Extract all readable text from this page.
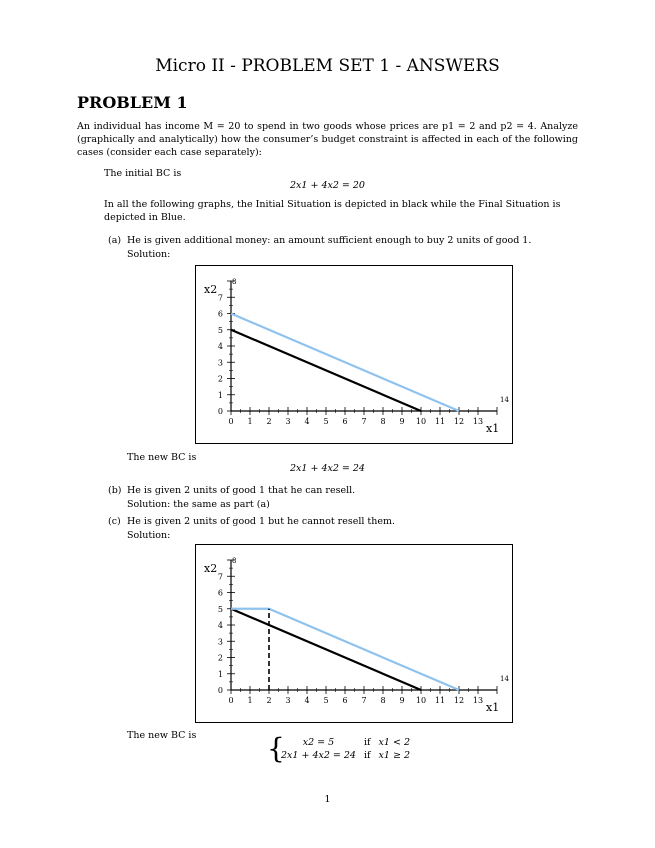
Micro II - PROBLEM SET 1 - ANSWERS
PROBLEM 1
An individual has income M = 20 to spend in two goods whose prices are p1 = 2 and p2 = 4. Analyze (graphically and analytically) how the consumer’s budget constraint is affected in each of the following cases (consider each case separately):
The initial BC is
2x1 + 4x2 = 20
In all the following graphs, the Initial Situation is depicted in black while the Final Situation is depicted in Blue.
(a) He is given additional money: an amount sufficient enough to buy 2 units of good 1.
Solution:
0 1 2 3 4 5 6 7 8 9 10 11 12 13
14
0
1
2
3
4
5
6
7
8
x2
x1
The new BC is
2x1 + 4x2 = 24
(b) He is given 2 units of good 1 that he can resell.
Solution: the same as part (a)
(c) He is given 2 units of good 1 but he cannot resell them.
Solution:
0 1 2 3 4 5 6 7 8 9 10 11 12 13
14
0
1
2
3
4
5
6
7
8
x2
x1
The new BC is	{ x2 = 5	if	x1 < 2
2x1 + 4x2 = 24	if	x1 ≥ 2
1
